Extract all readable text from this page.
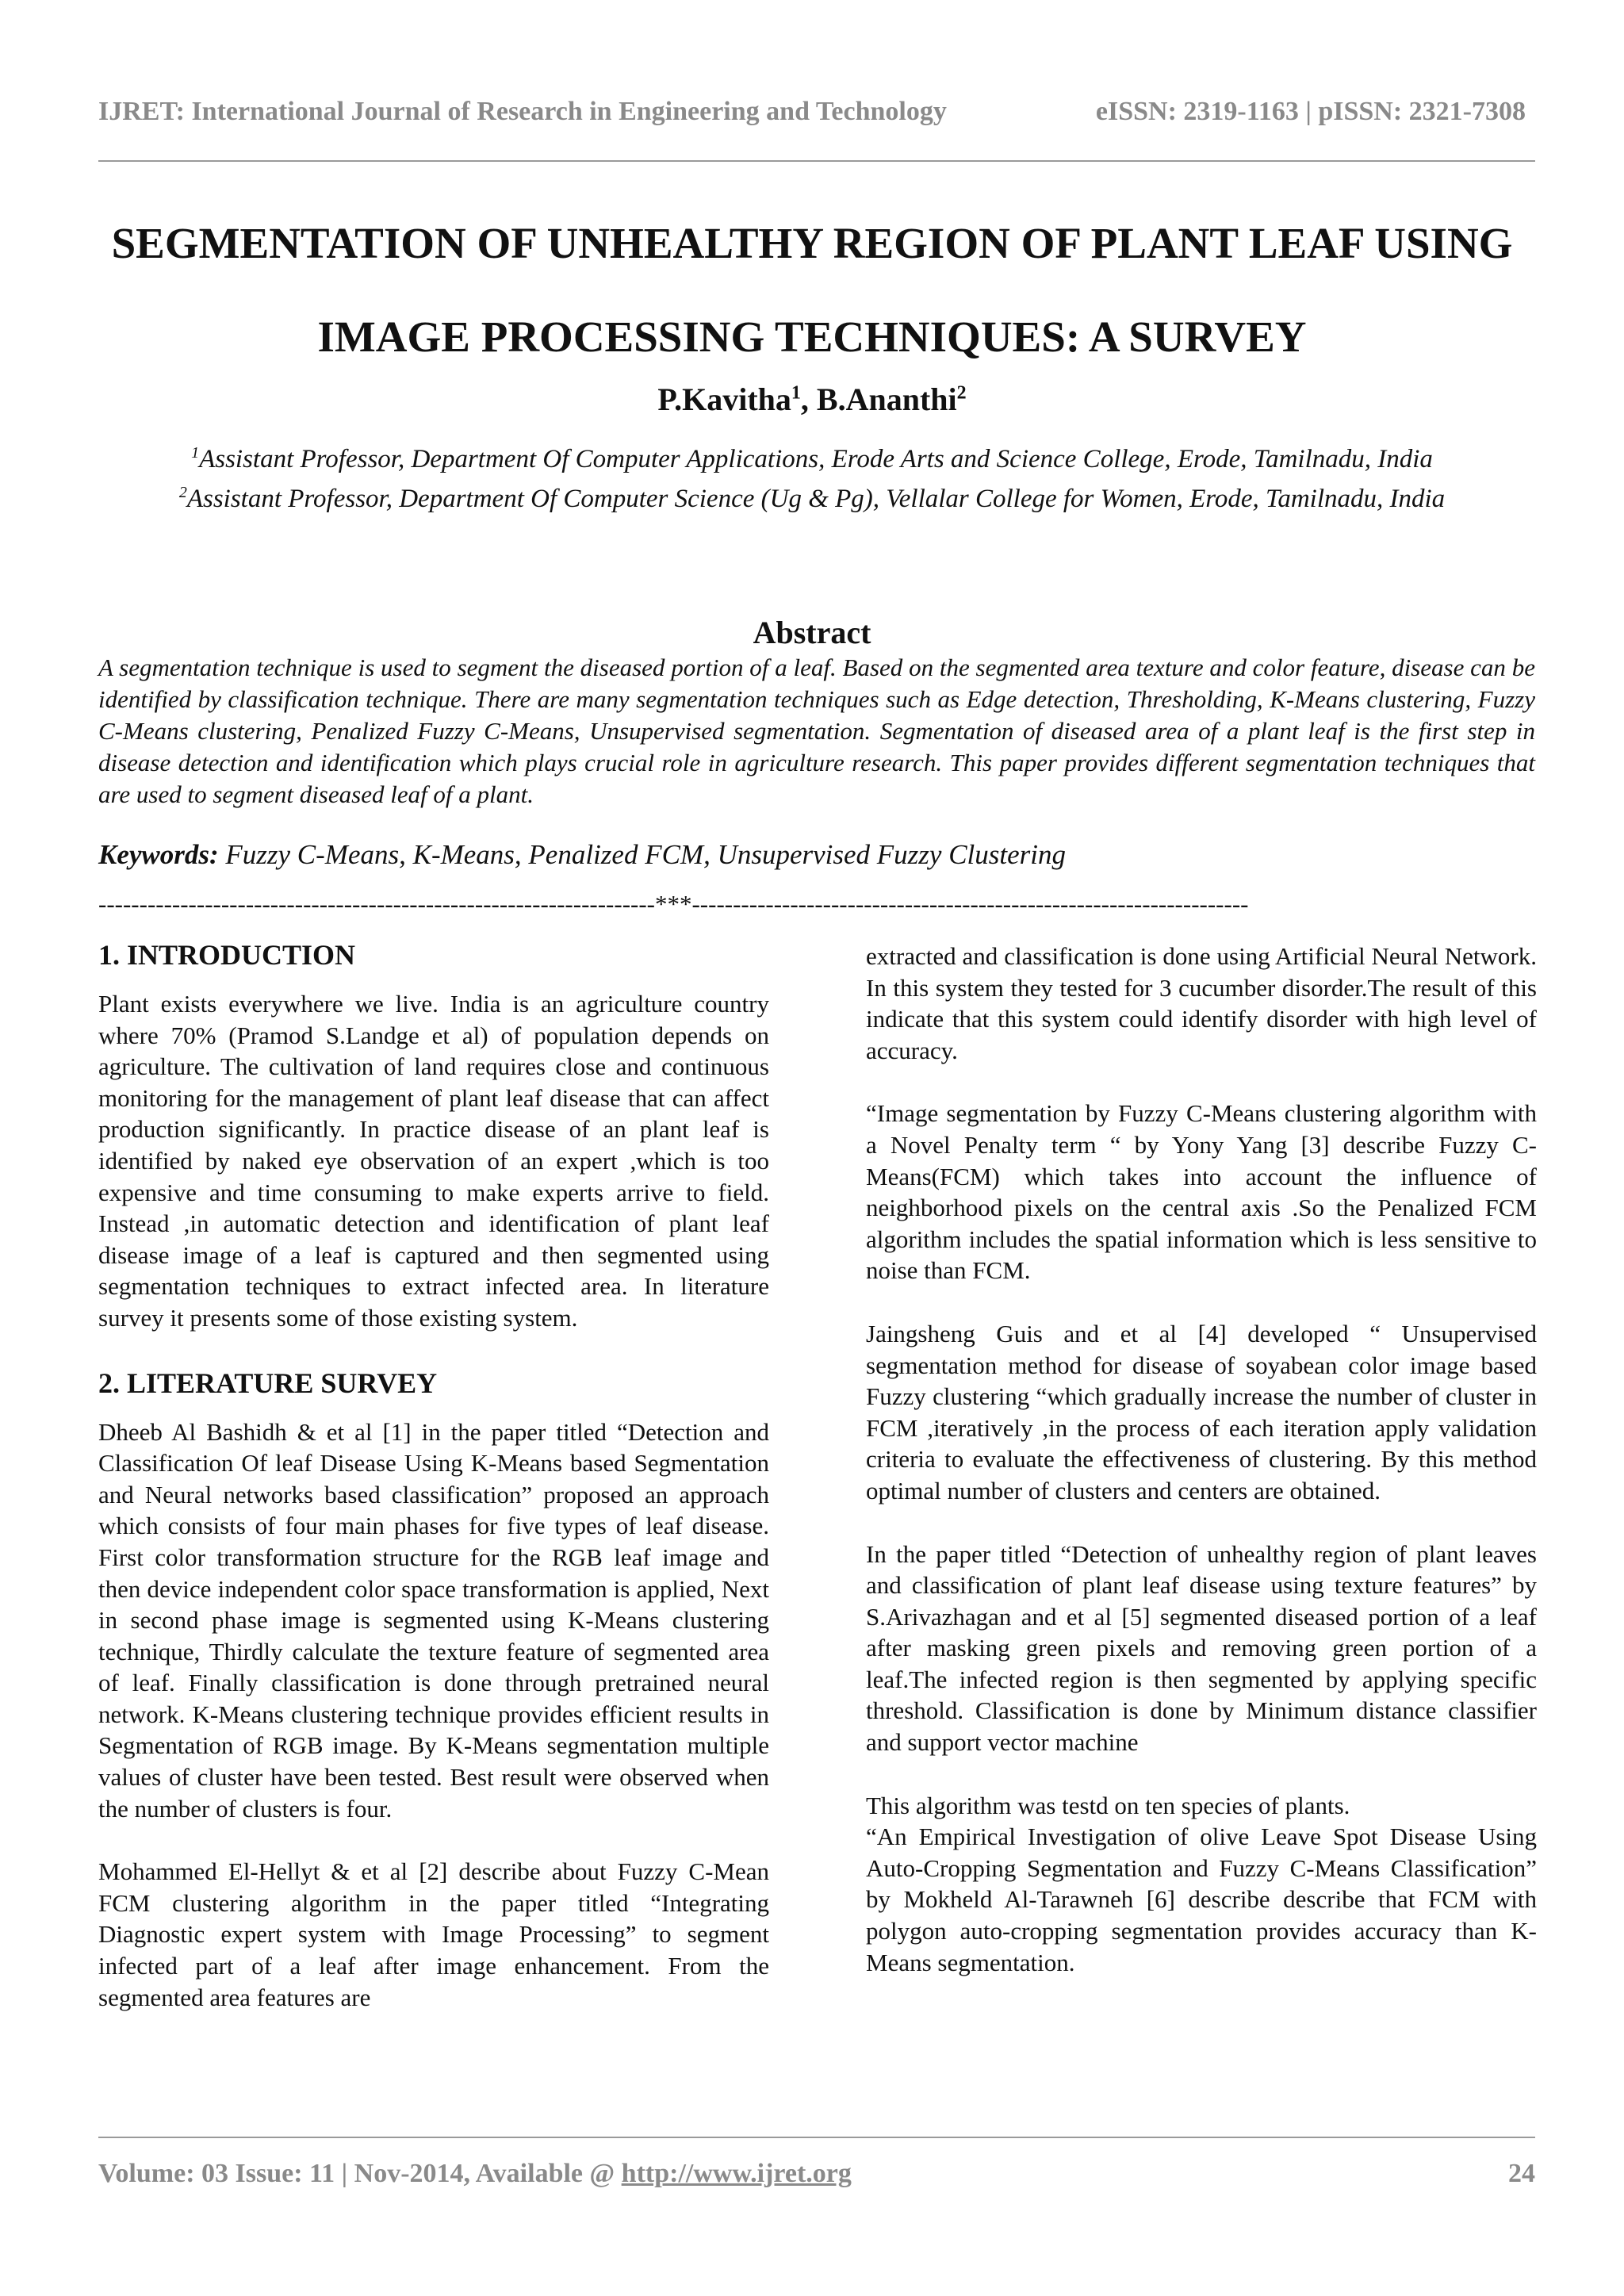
IJRET: International Journal of Research in Engineering and Technology	eISSN: 2319-1163 | pISSN: 2321-7308
SEGMENTATION OF UNHEALTHY REGION OF PLANT LEAF USING
IMAGE PROCESSING TECHNIQUES: A SURVEY
P.Kavitha$^1$, B.Ananthi$^2$
$^1$Assistant Professor, Department Of Computer Applications, Erode Arts and Science College, Erode, Tamilnadu, India
$^2$Assistant Professor, Department Of Computer Science (Ug & Pg), Vellalar College for Women, Erode, Tamilnadu, India
Abstract
A segmentation technique is used to segment the diseased portion of a leaf. Based on the segmented area texture and color feature, disease can be identified by classification technique. There are many segmentation techniques such as Edge detection, Thresholding, K-Means clustering, Fuzzy C-Means clustering, Penalized Fuzzy C-Means, Unsupervised segmentation. Segmentation of diseased area of a plant leaf is the first step in disease detection and identification which plays crucial role in agriculture research. This paper provides different segmentation techniques that are used to segment diseased leaf of a plant.
Keywords: Fuzzy C-Means, K-Means, Penalized FCM, Unsupervised Fuzzy Clustering
--------------------------------------------------------------------***--------------------------------------------------------------------
1. INTRODUCTION

Plant exists everywhere we live. India is an agriculture country where 70% (Pramod S.Landge et al) of population depends on agriculture. The cultivation of land requires close and continuous monitoring for the management of plant leaf disease that can affect production significantly. In practice disease of an plant leaf is identified by naked eye observation of an expert ,which is too expensive and time consuming to make experts arrive to field. Instead ,in automatic detection and identification of plant leaf disease image of a leaf is captured and then segmented using segmentation techniques to extract infected area. In literature survey it presents some of those existing system.

2. LITERATURE SURVEY

Dheeb Al Bashidh & et al [1] in the paper titled “Detection and Classification Of leaf Disease Using K-Means based Segmentation and Neural networks based classification” proposed an approach which consists of four main phases for five types of leaf disease. First color transformation structure for the RGB leaf image and then device independent color space transformation is applied, Next in second phase image is segmented using K-Means clustering technique, Thirdly calculate the texture feature of segmented area of leaf. Finally classification is done through pretrained neural network. K-Means clustering technique provides efficient results in Segmentation of RGB image. By K-Means segmentation multiple values of cluster have been tested. Best result were observed when the number of clusters is four.

Mohammed El-Hellyt & et al [2] describe about Fuzzy C-Mean FCM clustering algorithm in the paper titled “Integrating Diagnostic expert system with Image Processing” to segment infected part of a leaf after image enhancement. From the segmented area features are

extracted and classification is done using Artificial Neural Network. In this system they tested for 3 cucumber disorder.The result of this indicate that this system could identify disorder with high level of accuracy.

“Image segmentation by Fuzzy C-Means clustering algorithm with a Novel Penalty term “ by Yony Yang [3] describe Fuzzy C-Means(FCM) which takes into account the influence of neighborhood pixels on the central axis .So the Penalized FCM algorithm includes the spatial information which is less sensitive to noise than FCM.

Jaingsheng Guis and et al [4] developed “ Unsupervised segmentation method for disease of soyabean color image based Fuzzy clustering “which gradually increase the number of cluster in FCM ,iteratively ,in the process of each iteration apply validation criteria to evaluate the effectiveness of clustering. By this method optimal number of clusters and centers are obtained.

In the paper titled “Detection of unhealthy region of plant leaves and classification of plant leaf disease using texture features” by S.Arivazhagan and et al [5] segmented diseased portion of a leaf after masking green pixels and removing green portion of a leaf.The infected region is then segmented by applying specific threshold. Classification is done by Minimum distance classifier and support vector machine

This algorithm was testd on ten species of plants.

“An Empirical Investigation of olive Leave Spot Disease Using Auto-Cropping Segmentation and Fuzzy C-Means Classification” by Mokheld Al-Tarawneh [6] describe describe that FCM with polygon auto-cropping segmentation provides accuracy than K-Means segmentation.

Volume: 03 Issue: 11 | Nov-2014, Available @ http://www.ijret.org	24
